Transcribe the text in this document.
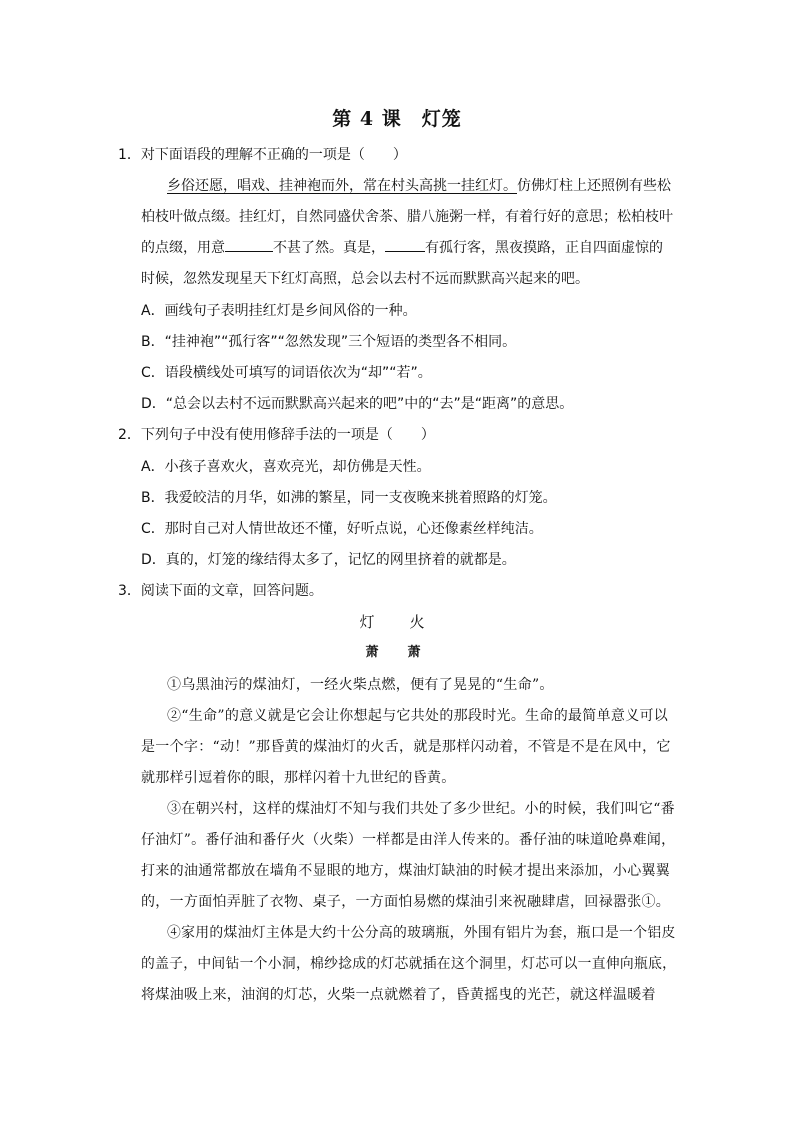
第 4 课　灯笼
1．对下面语段的理解不正确的一项是（　　）
乡俗还愿，唱戏、挂神袍而外，常在村头高挑一挂红灯。仿佛灯柱上还照例有些松
柏枝叶做点缀。挂红灯，自然同盛伏舍茶、腊八施粥一样，有着行好的意思；松柏枝叶
的点缀，用意	不甚了然。真是，	有孤行客，黑夜摸路，正自四面虚惊的
时候，忽然发现星天下红灯高照，总会以去村不远而默默高兴起来的吧。
A．画线句子表明挂红灯是乡间风俗的一种。
B．“挂神袍”“孤行客”“忽然发现”三个短语的类型各不相同。
C．语段横线处可填写的词语依次为“却”“若”。
D．“总会以去村不远而默默高兴起来的吧”中的“去”是“距离”的意思。
2．下列句子中没有使用修辞手法的一项是（　　）
A．小孩子喜欢火，喜欢亮光，却仿佛是天性。
B．我爱皎洁的月华，如沸的繁星，同一支夜晚来挑着照路的灯笼。
C．那时自己对人情世故还不懂，好听点说，心还像素丝样纯洁。
D．真的，灯笼的缘结得太多了，记忆的网里挤着的就都是。
3．阅读下面的文章，回答问题。
灯　火
萧　萧
①乌黑油污的煤油灯，一经火柴点燃，便有了晃晃的“生命”。
②“生命”的意义就是它会让你想起与它共处的那段时光。生命的最简单意义可以
是一个字：“动！”那昏黄的煤油灯的火舌，就是那样闪动着，不管是不是在风中，它
就那样引逗着你的眼，那样闪着十九世纪的昏黄。
③在朝兴村，这样的煤油灯不知与我们共处了多少世纪。小的时候，我们叫它“番
仔油灯”。番仔油和番仔火（火柴）一样都是由洋人传来的。番仔油的味道呛鼻难闻，
打来的油通常都放在墙角不显眼的地方，煤油灯缺油的时候才提出来添加，小心翼翼
的，一方面怕弄脏了衣物、桌子，一方面怕易燃的煤油引来祝融肆虐，回禄嚣张①。
④家用的煤油灯主体是大约十公分高的玻璃瓶，外围有铝片为套，瓶口是一个铝皮
的盖子，中间钻一个小洞，棉纱捻成的灯芯就插在这个洞里，灯芯可以一直伸向瓶底，
将煤油吸上来，油润的灯芯，火柴一点就燃着了，昏黄摇曳的光芒，就这样温暖着
